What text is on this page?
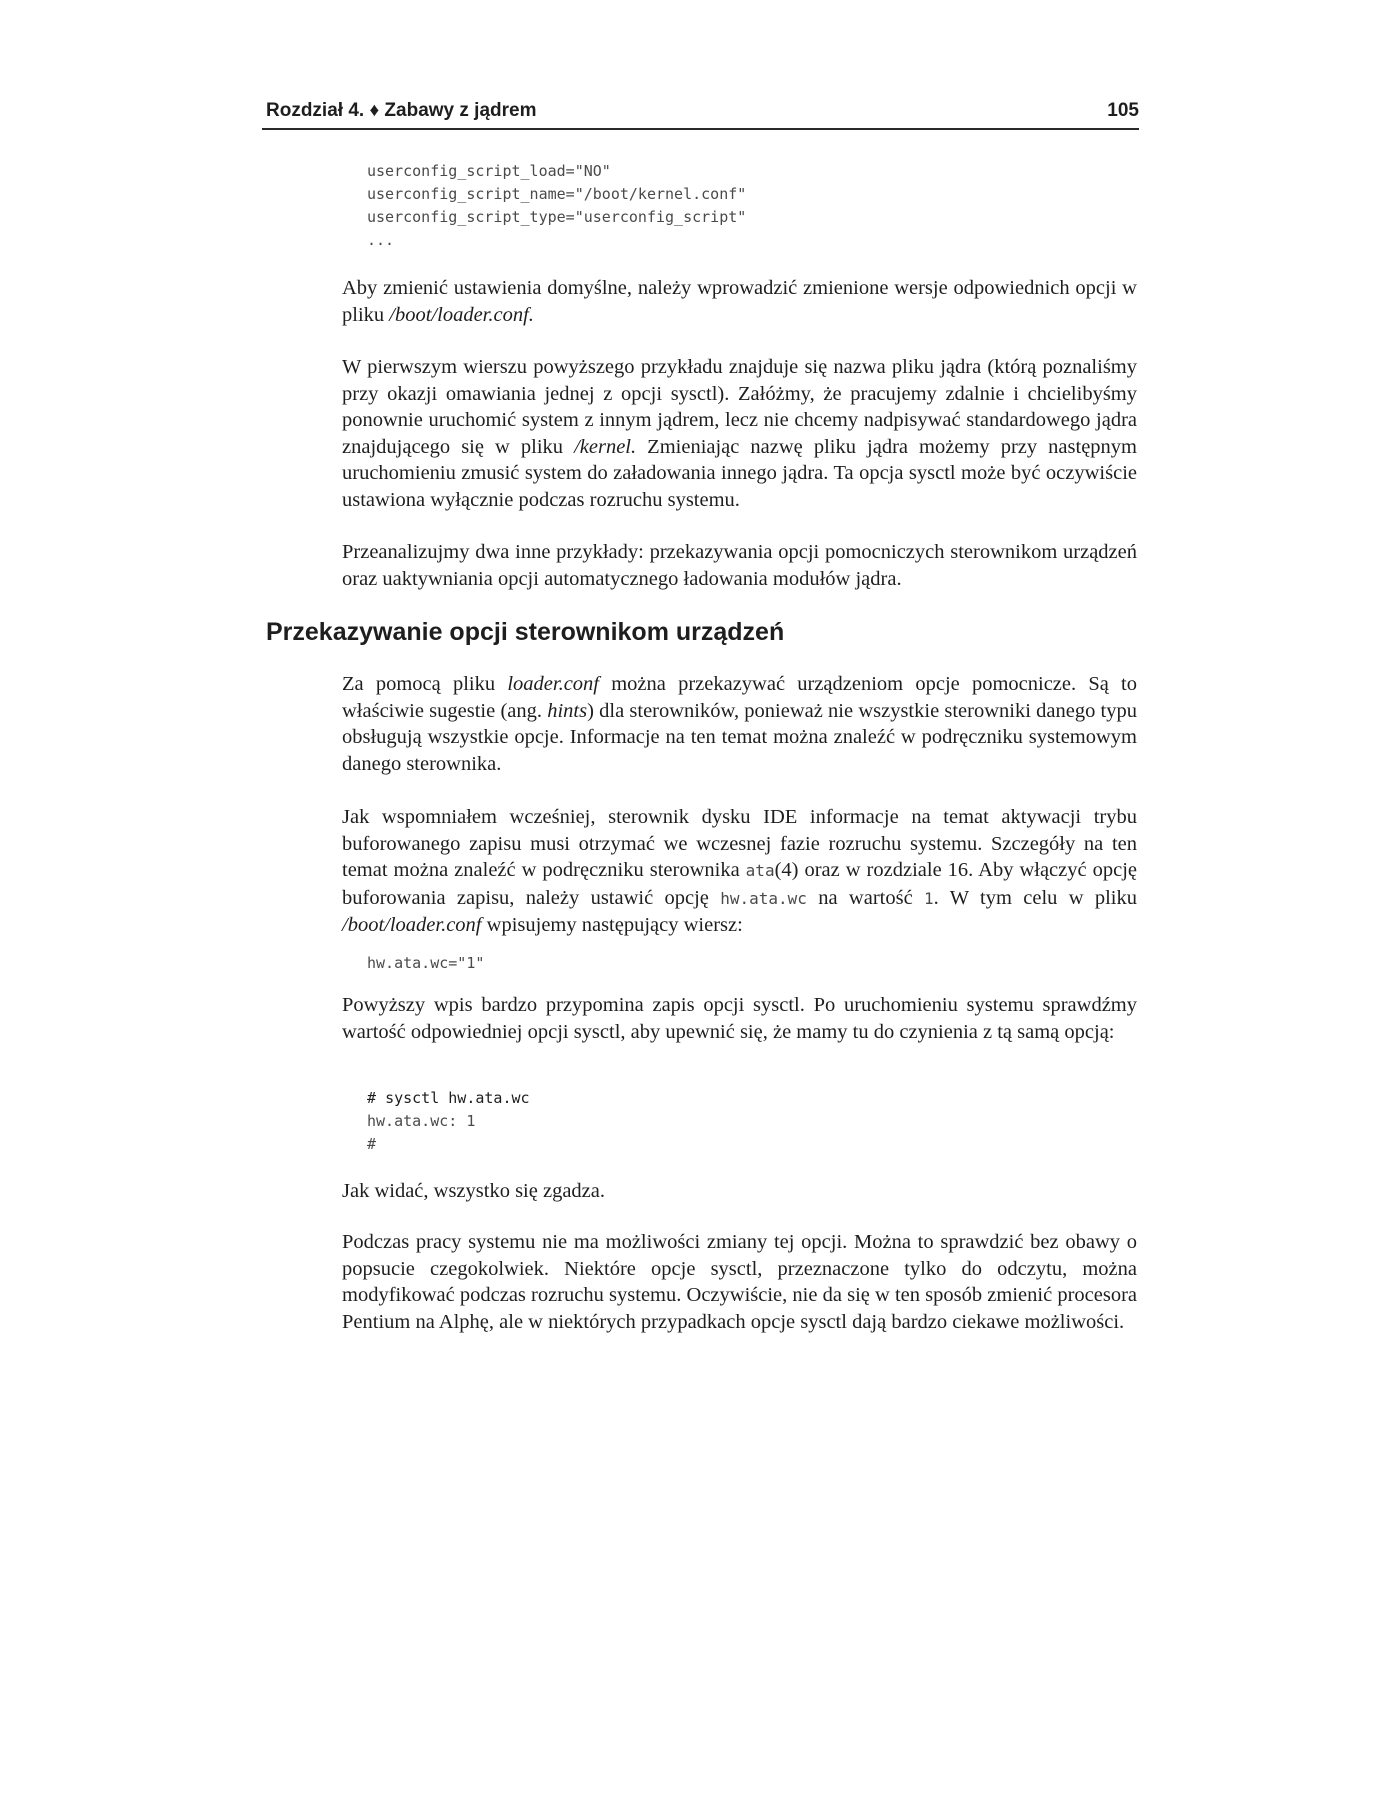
Rozdział 4. ♦ Zabawy z jądrem	105
userconfig_script_load="NO"
userconfig_script_name="/boot/kernel.conf"
userconfig_script_type="userconfig_script"
...

Aby zmienić ustawienia domyślne, należy wprowadzić zmienione wersje odpowiednich opcji w pliku /boot/loader.conf.

W pierwszym wierszu powyższego przykładu znajduje się nazwa pliku jądra (którą poznaliśmy przy okazji omawiania jednej z opcji sysctl). Załóżmy, że pracujemy zdalnie i chcielibyśmy ponownie uruchomić system z innym jądrem, lecz nie chcemy nadpisywać standardowego jądra znajdującego się w pliku /kernel. Zmieniając nazwę pliku jądra możemy przy następnym uruchomieniu zmusić system do załadowania innego jądra. Ta opcja sysctl może być oczywiście ustawiona wyłącznie podczas rozruchu systemu.

Przeanalizujmy dwa inne przykłady: przekazywania opcji pomocniczych sterownikom urządzeń oraz uaktywniania opcji automatycznego ładowania modułów jądra.

Przekazywanie opcji sterownikom urządzeń

Za pomocą pliku loader.conf można przekazywać urządzeniom opcje pomocnicze. Są to właściwie sugestie (ang. hints) dla sterowników, ponieważ nie wszystkie sterowniki danego typu obsługują wszystkie opcje. Informacje na ten temat można znaleźć w podręczniku systemowym danego sterownika.

Jak wspomniałem wcześniej, sterownik dysku IDE informacje na temat aktywacji trybu buforowanego zapisu musi otrzymać we wczesnej fazie rozruchu systemu. Szczegóły na ten temat można znaleźć w podręczniku sterownika ata(4) oraz w rozdziale 16. Aby włączyć opcję buforowania zapisu, należy ustawić opcję hw.ata.wc na wartość 1. W tym celu w pliku /boot/loader.conf wpisujemy następujący wiersz:

hw.ata.wc="1"

Powyższy wpis bardzo przypomina zapis opcji sysctl. Po uruchomieniu systemu sprawdźmy wartość odpowiedniej opcji sysctl, aby upewnić się, że mamy tu do czynienia z tą samą opcją:

# sysctl hw.ata.wc
hw.ata.wc: 1
#

Jak widać, wszystko się zgadza.

Podczas pracy systemu nie ma możliwości zmiany tej opcji. Można to sprawdzić bez obawy o popsucie czegokolwiek. Niektóre opcje sysctl, przeznaczone tylko do odczytu, można modyfikować podczas rozruchu systemu. Oczywiście, nie da się w ten sposób zmienić procesora Pentium na Alphę, ale w niektórych przypadkach opcje sysctl dają bardzo ciekawe możliwości.
